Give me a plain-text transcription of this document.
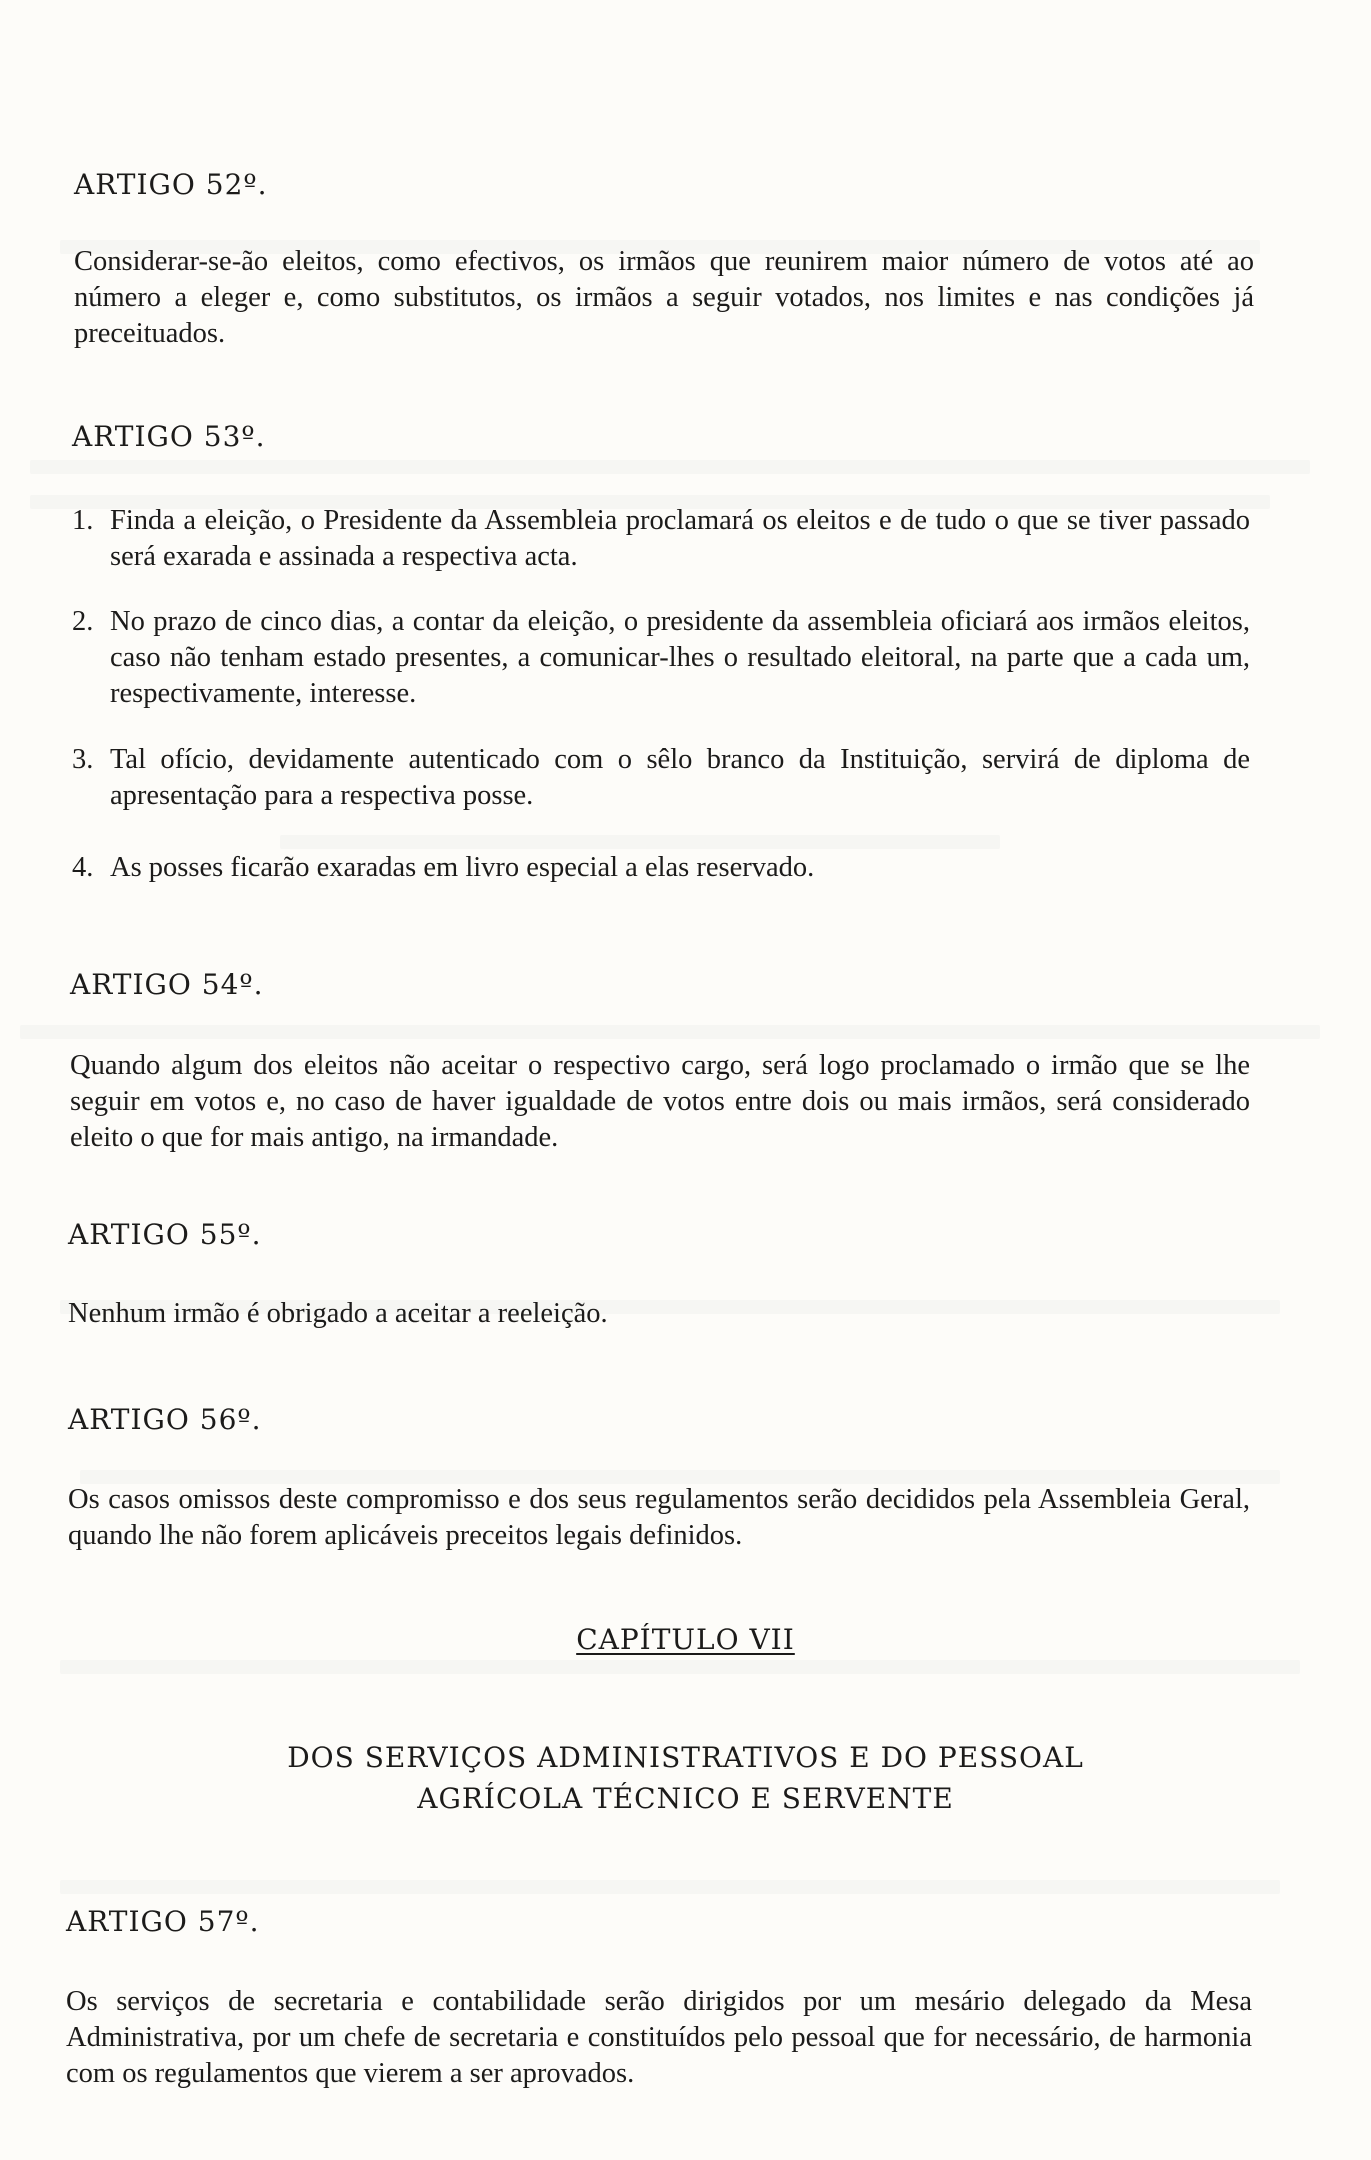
ARTIGO 52º.
Considerar-se-ão eleitos, como efectivos, os irmãos que reunirem maior número de votos até ao número a eleger e, como substitutos, os irmãos a seguir votados, nos limites e nas condições já preceituados.
ARTIGO 53º.
1. Finda a eleição, o Presidente da Assembleia proclamará os eleitos e de tudo o que se tiver passado será exarada e assinada a respectiva acta.
2. No prazo de cinco dias, a contar da eleição, o presidente da assembleia oficiará aos irmãos eleitos, caso não tenham estado presentes, a comunicar-lhes o resultado eleitoral, na parte que a cada um, respectivamente, interesse.
3. Tal ofício, devidamente autenticado com o sêlo branco da Instituição, servirá de diploma de apresentação para a respectiva posse.
4. As posses ficarão exaradas em livro especial a elas reservado.
ARTIGO 54º.
Quando algum dos eleitos não aceitar o respectivo cargo, será logo proclamado o irmão que se lhe seguir em votos e, no caso de haver igualdade de votos entre dois ou mais irmãos, será considerado eleito o que for mais antigo, na irmandade.
ARTIGO 55º.
Nenhum irmão é obrigado a aceitar a reeleição.
ARTIGO 56º.
Os casos omissos deste compromisso e dos seus regulamentos serão decididos pela Assembleia Geral, quando lhe não forem aplicáveis preceitos legais definidos.
CAPÍTULO VII
DOS SERVIÇOS ADMINISTRATIVOS E DO PESSOAL
AGRÍCOLA TÉCNICO E SERVENTE
ARTIGO 57º.
Os serviços de secretaria e contabilidade serão dirigidos por um mesário delegado da Mesa Administrativa, por um chefe de secretaria e constituídos pelo pessoal que for necessário, de harmonia com os regulamentos que vierem a ser aprovados.
